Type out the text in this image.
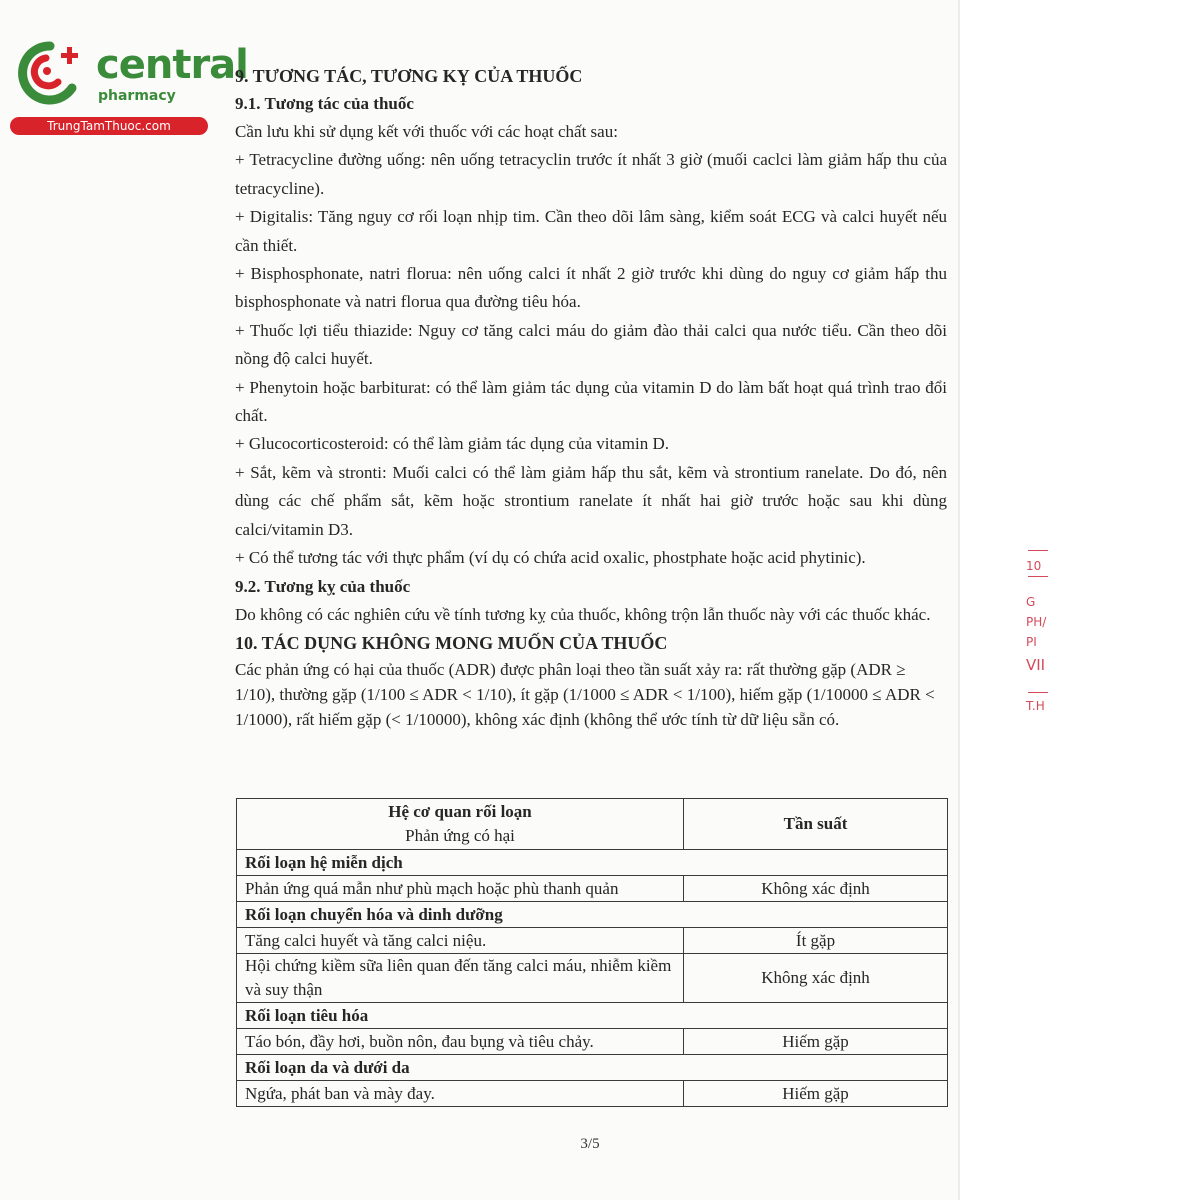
central
pharmacy
TrungTamThuoc.com

9. TƯƠNG TÁC, TƯƠNG KỴ CỦA THUỐC

9.1. Tương tác của thuốc

Cần lưu khi sử dụng kết với thuốc với các hoạt chất sau:

+ Tetracycline đường uống: nên uống tetracyclin trước ít nhất 3 giờ (muối caclci làm giảm hấp thu của tetracycline).

+ Digitalis: Tăng nguy cơ rối loạn nhịp tim. Cần theo dõi lâm sàng, kiểm soát ECG và calci huyết nếu cần thiết.

+ Bisphosphonate, natri florua: nên uống calci ít nhất 2 giờ trước khi dùng do nguy cơ giảm hấp thu bisphosphonate và natri florua qua đường tiêu hóa.

+ Thuốc lợi tiểu thiazide: Nguy cơ tăng calci máu do giảm đào thải calci qua nước tiểu. Cần theo dõi nồng độ calci huyết.

+ Phenytoin hoặc barbiturat: có thể làm giảm tác dụng của vitamin D do làm bất hoạt quá trình trao đổi chất.

+ Glucocorticosteroid: có thể làm giảm tác dụng của vitamin D.

+ Sắt, kẽm và stronti: Muối calci có thể làm giảm hấp thu sắt, kẽm và strontium ranelate. Do đó, nên dùng các chế phẩm sắt, kẽm hoặc strontium ranelate ít nhất hai giờ trước hoặc sau khi dùng calci/vitamin D3.

+ Có thể tương tác với thực phẩm (ví dụ có chứa acid oxalic, phostphate hoặc acid phytinic).

9.2. Tương kỵ của thuốc

Do không có các nghiên cứu về tính tương kỵ của thuốc, không trộn lẫn thuốc này với các thuốc khác.

10. TÁC DỤNG KHÔNG MONG MUỐN CỦA THUỐC

Các phản ứng có hại của thuốc (ADR) được phân loại theo tần suất xảy ra: rất thường gặp (ADR ≥ 1/10), thường gặp (1/100 ≤ ADR < 1/10), ít gặp (1/1000 ≤ ADR < 1/100), hiếm gặp (1/10000 ≤ ADR < 1/1000), rất hiếm gặp (< 1/10000), không xác định (không thể ước tính từ dữ liệu sẵn có.

Hệ cơ quan rối loạn
Phản ứng có hại	Tần suất
Rối loạn hệ miễn dịch	
Phản ứng quá mẫn như phù mạch hoặc phù thanh quản	Không xác định
Rối loạn chuyển hóa và dinh dưỡng	
Tăng calci huyết và tăng calci niệu.	Ít gặp
Hội chứng kiềm sữa liên quan đến tăng calci máu, nhiễm kiềm và suy thận	Không xác định
Rối loạn tiêu hóa	
Táo bón, đầy hơi, buồn nôn, đau bụng và tiêu chảy.	Hiếm gặp
Rối loạn da và dưới da	
Ngứa, phát ban và mày đay.	Hiếm gặp
3/5
10
G
PH/
PI
VII
T.H
